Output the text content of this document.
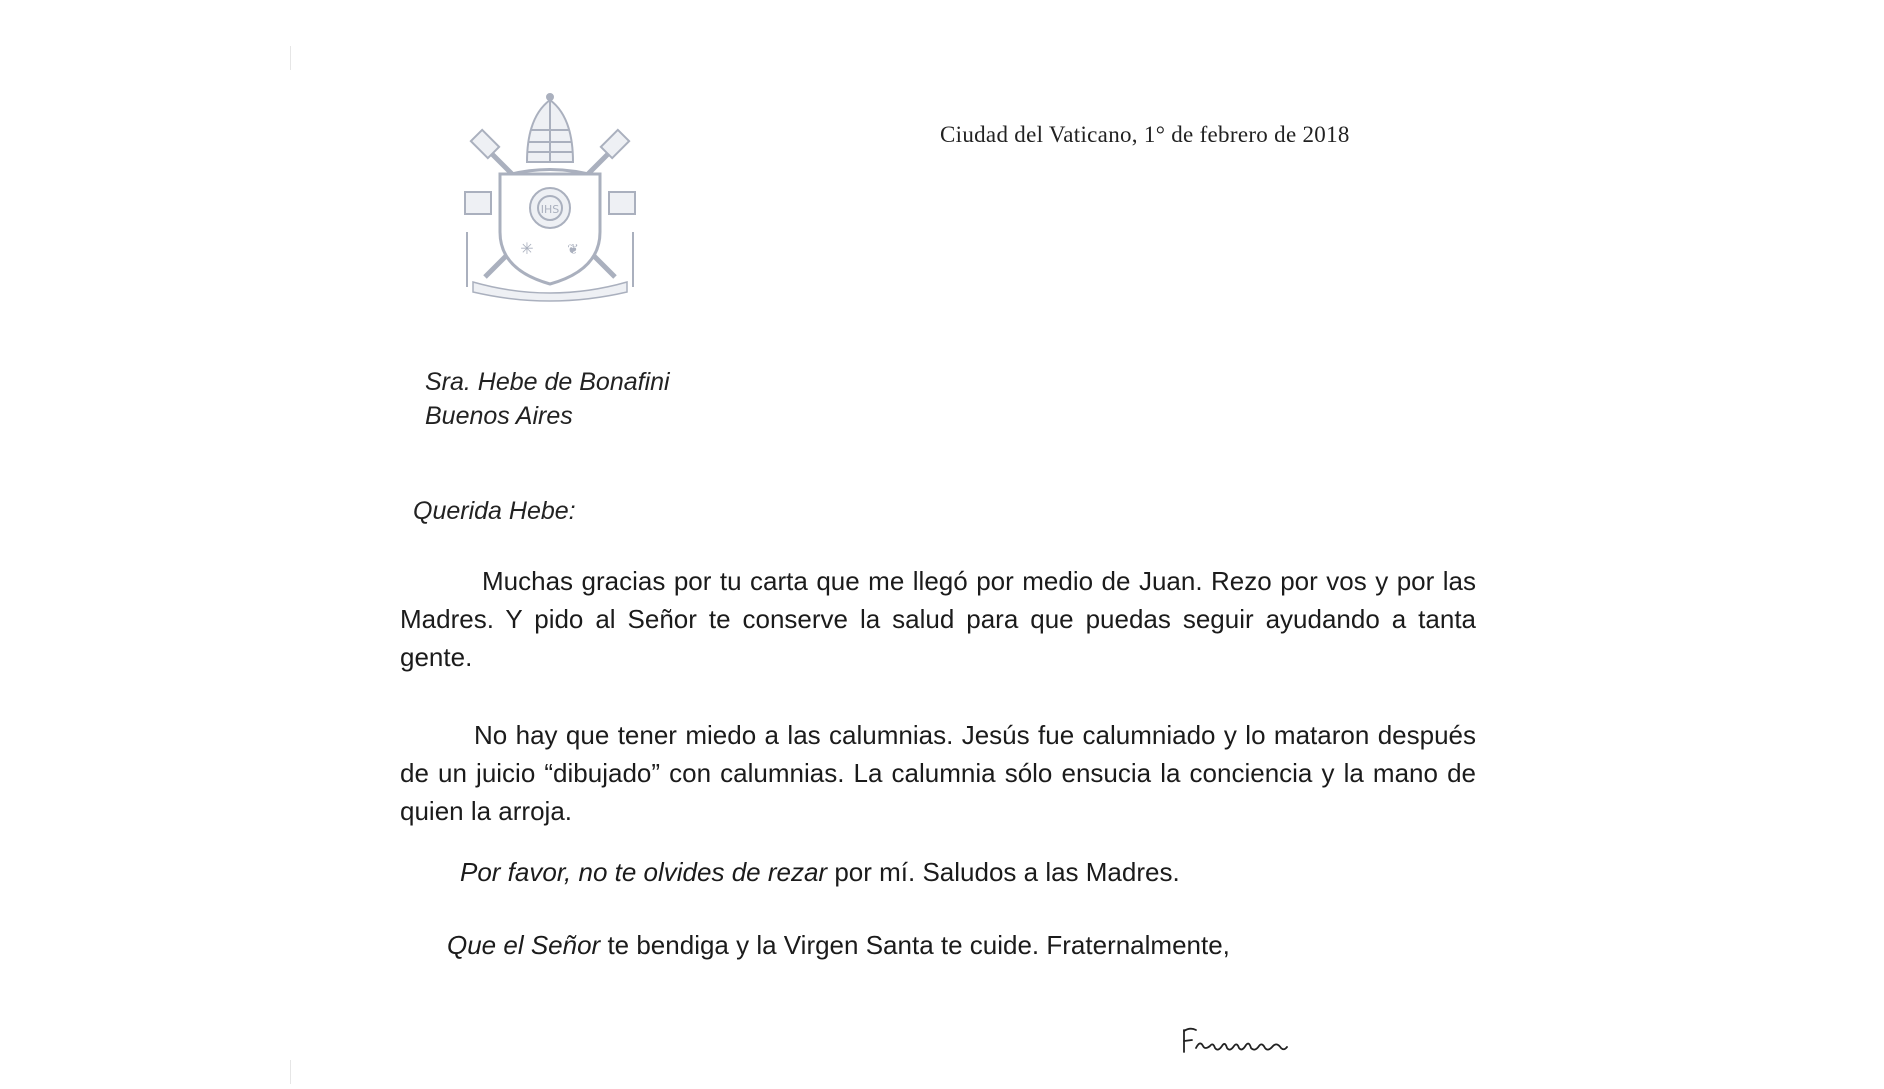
IHS
✳ ❦
Ciudad del Vaticano, 1° de febrero de 2018
Sra. Hebe de Bonafini
Buenos Aires
Querida Hebe:
Muchas gracias por tu carta que me llegó por medio de Juan. Rezo por vos y por las Madres. Y pido al Señor te conserve la salud para que puedas seguir ayudando a tanta gente.
No hay que tener miedo a las calumnias. Jesús fue calumniado y lo mataron después de un juicio “dibujado” con calumnias. La calumnia sólo ensucia la conciencia y la mano de quien la arroja.
Por favor, no te olvides de rezar por mí. Saludos a las Madres.
Que el Señor te bendiga y la Virgen Santa te cuide. Fraternalmente,
